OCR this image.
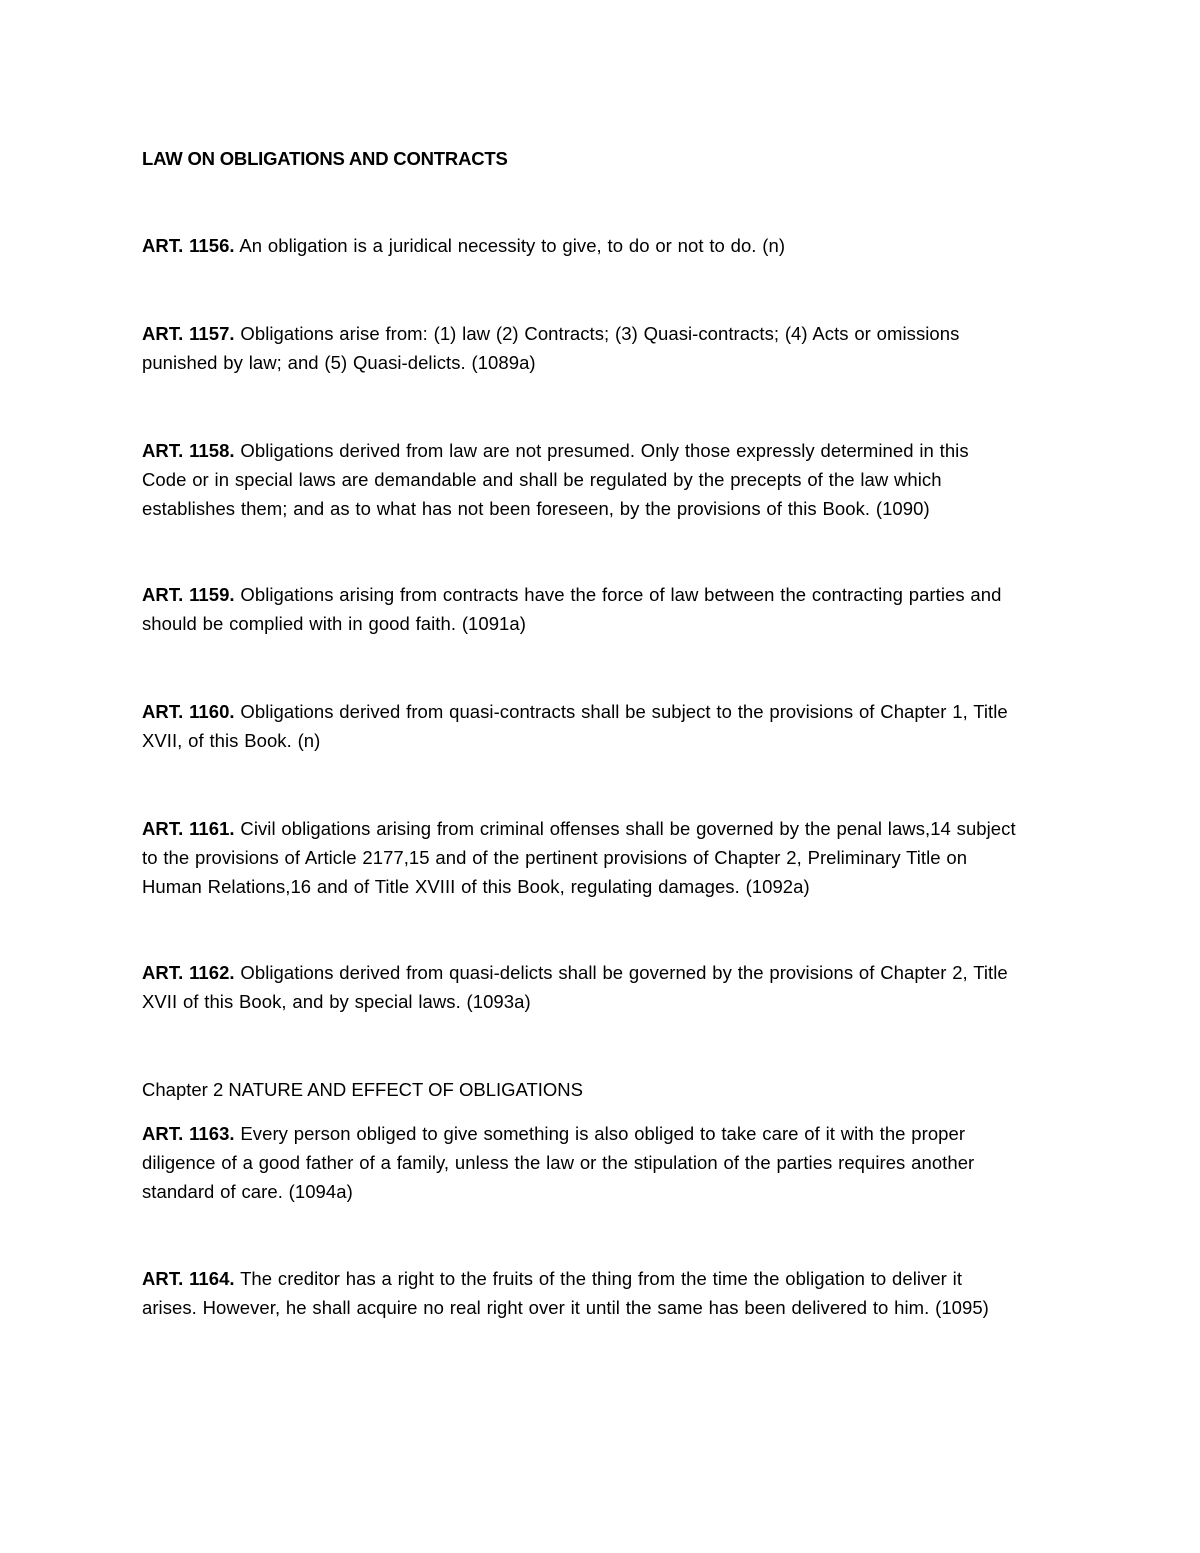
LAW ON OBLIGATIONS AND CONTRACTS
ART. 1156. An obligation is a juridical necessity to give, to do or not to do. (n)
ART. 1157. Obligations arise from: (1) law (2) Contracts; (3) Quasi-contracts; (4) Acts or omissions
punished by law; and (5) Quasi-delicts. (1089a)
ART. 1158. Obligations derived from law are not presumed. Only those expressly determined in this
Code or in special laws are demandable and shall be regulated by the precepts of the law which
establishes them; and as to what has not been foreseen, by the provisions of this Book. (1090)
ART. 1159. Obligations arising from contracts have the force of law between the contracting parties and
should be complied with in good faith. (1091a)
ART. 1160. Obligations derived from quasi-contracts shall be subject to the provisions of Chapter 1, Title
XVII, of this Book. (n)
ART. 1161. Civil obligations arising from criminal offenses shall be governed by the penal laws,14 subject
to the provisions of Article 2177,15 and of the pertinent provisions of Chapter 2, Preliminary Title on
Human Relations,16 and of Title XVIII of this Book, regulating damages. (1092a)
ART. 1162. Obligations derived from quasi-delicts shall be governed by the provisions of Chapter 2, Title
XVII of this Book, and by special laws. (1093a)
Chapter 2 NATURE AND EFFECT OF OBLIGATIONS
ART. 1163. Every person obliged to give something is also obliged to take care of it with the proper
diligence of a good father of a family, unless the law or the stipulation of the parties requires another
standard of care. (1094a)
ART. 1164. The creditor has a right to the fruits of the thing from the time the obligation to deliver it
arises. However, he shall acquire no real right over it until the same has been delivered to him. (1095)
